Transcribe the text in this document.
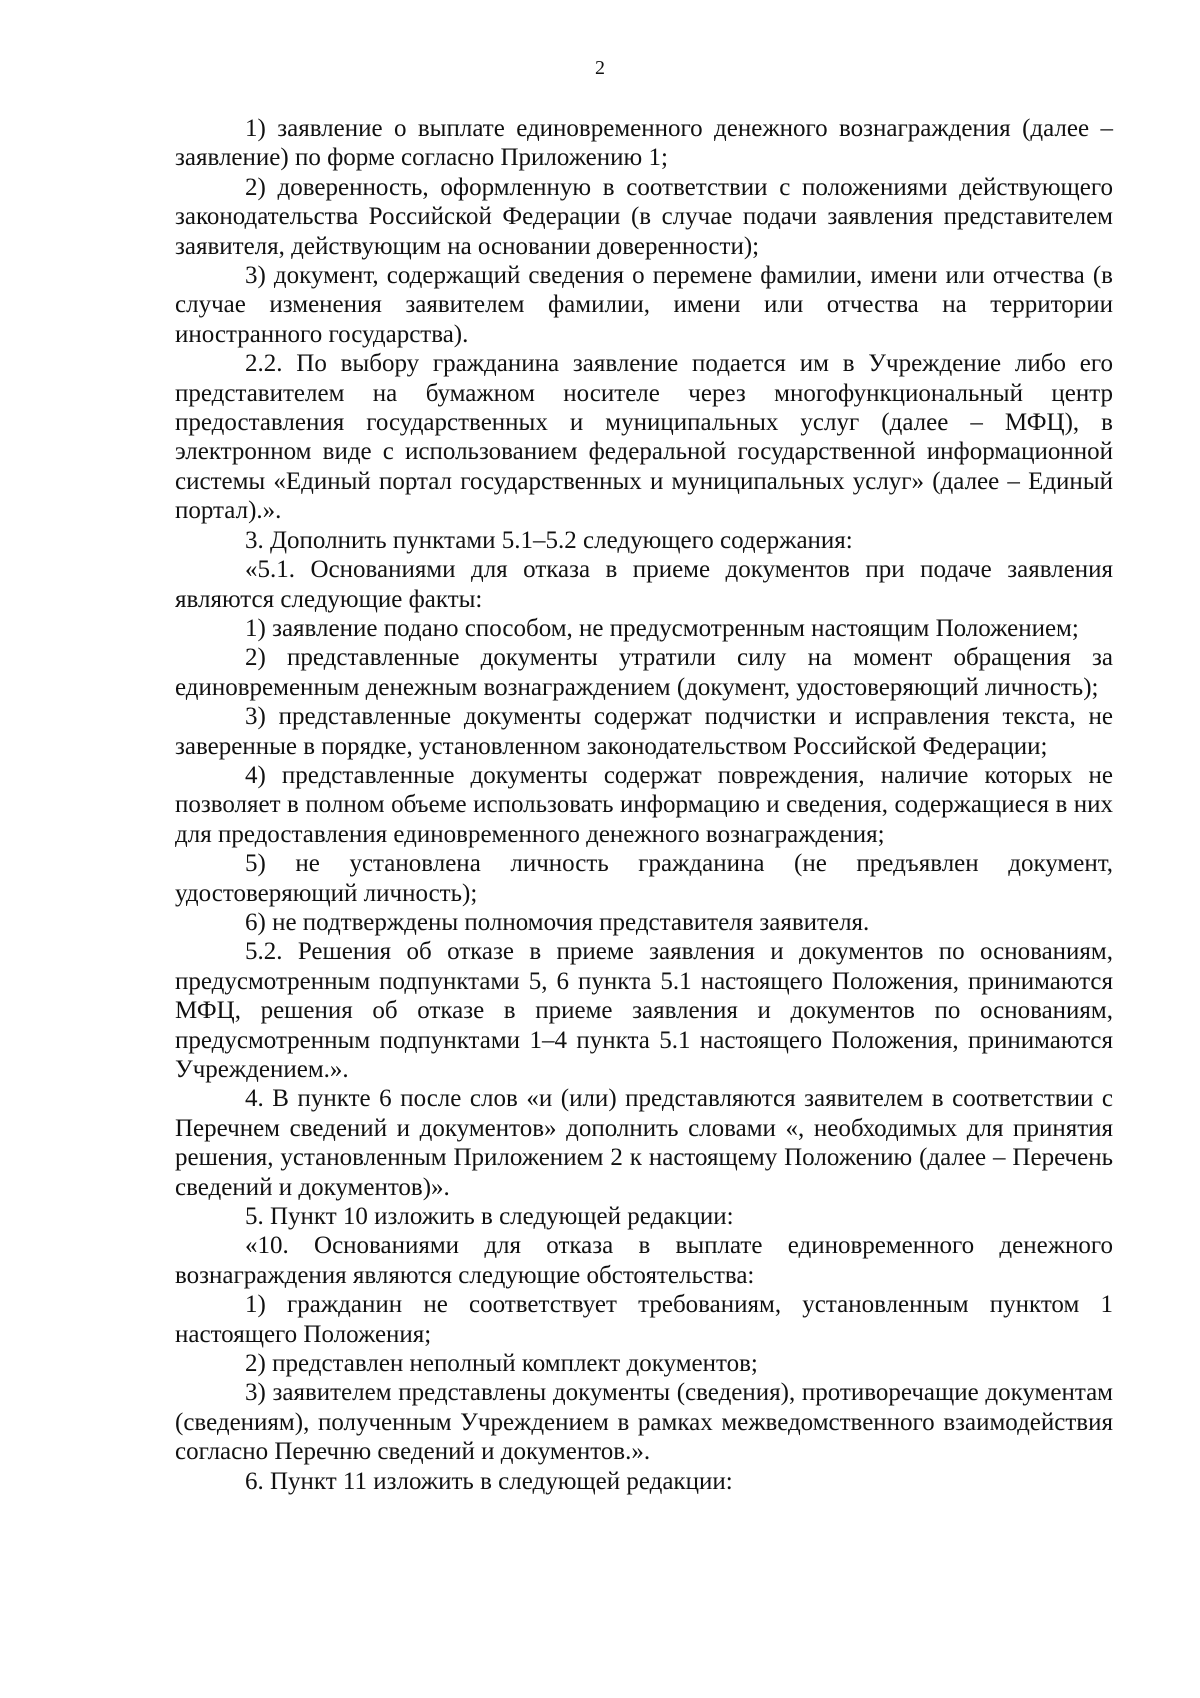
2

1) заявление о выплате единовременного денежного вознаграждения (далее – заявление) по форме согласно Приложению 1;

2) доверенность, оформленную в соответствии с положениями действующего законодательства Российской Федерации (в случае подачи заявления представителем заявителя, действующим на основании доверенности);

3) документ, содержащий сведения о перемене фамилии, имени или отчества (в случае изменения заявителем фамилии, имени или отчества на территории иностранного государства).

2.2. По выбору гражданина заявление подается им в Учреждение либо его представителем на бумажном носителе через многофункциональный центр предоставления государственных и муниципальных услуг (далее – МФЦ), в электронном виде с использованием федеральной государственной информационной системы «Единый портал государственных и муниципальных услуг» (далее – Единый портал).».

3. Дополнить пунктами 5.1–5.2 следующего содержания:

«5.1. Основаниями для отказа в приеме документов при подаче заявления являются следующие факты:

1) заявление подано способом, не предусмотренным настоящим Положением;

2) представленные документы утратили силу на момент обращения за единовременным денежным вознаграждением (документ, удостоверяющий личность);

3) представленные документы содержат подчистки и исправления текста, не заверенные в порядке, установленном законодательством Российской Федерации;

4) представленные документы содержат повреждения, наличие которых не позволяет в полном объеме использовать информацию и сведения, содержащиеся в них для предоставления единовременного денежного вознаграждения;

5) не установлена личность гражданина (не предъявлен документ, удостоверяющий личность);

6) не подтверждены полномочия представителя заявителя.

5.2. Решения об отказе в приеме заявления и документов по основаниям, предусмотренным подпунктами 5, 6 пункта 5.1 настоящего Положения, принимаются МФЦ, решения об отказе в приеме заявления и документов по основаниям, предусмотренным подпунктами 1–4 пункта 5.1 настоящего Положения, принимаются Учреждением.».

4. В пункте 6 после слов «и (или) представляются заявителем в соответствии с Перечнем сведений и документов» дополнить словами «, необходимых для принятия решения, установленным Приложением 2 к настоящему Положению (далее – Перечень сведений и документов)».

5. Пункт 10 изложить в следующей редакции:

«10. Основаниями для отказа в выплате единовременного денежного вознаграждения являются следующие обстоятельства:

1) гражданин не соответствует требованиям, установленным пунктом 1 настоящего Положения;

2) представлен неполный комплект документов;

3) заявителем представлены документы (сведения), противоречащие документам (сведениям), полученным Учреждением в рамках межведомственного взаимодействия согласно Перечню сведений и документов.».

6. Пункт 11 изложить в следующей редакции:
